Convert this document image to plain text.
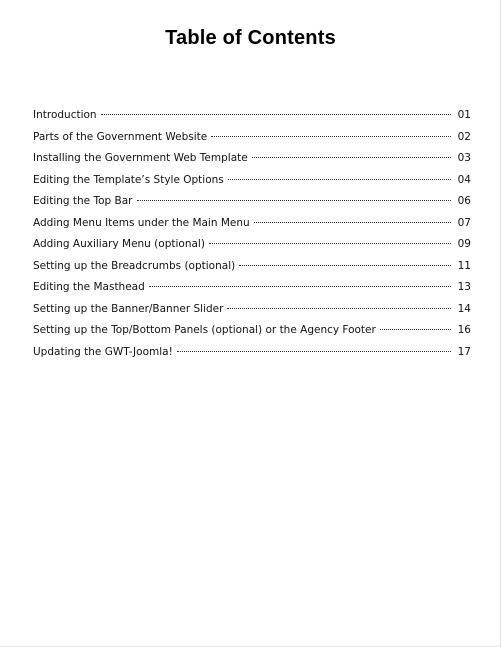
Table of Contents
Introduction	01
Parts of the Government Website	02
Installing the Government Web Template	03
Editing the Template’s Style Options	04
Editing the Top Bar	06
Adding Menu Items under the Main Menu	07
Adding Auxiliary Menu (optional)	09
Setting up the Breadcrumbs (optional)	11
Editing the Masthead	13
Setting up the Banner/Banner Slider	14
Setting up the Top/Bottom Panels (optional) or the Agency Footer	16
Updating the GWT-Joomla!	17
